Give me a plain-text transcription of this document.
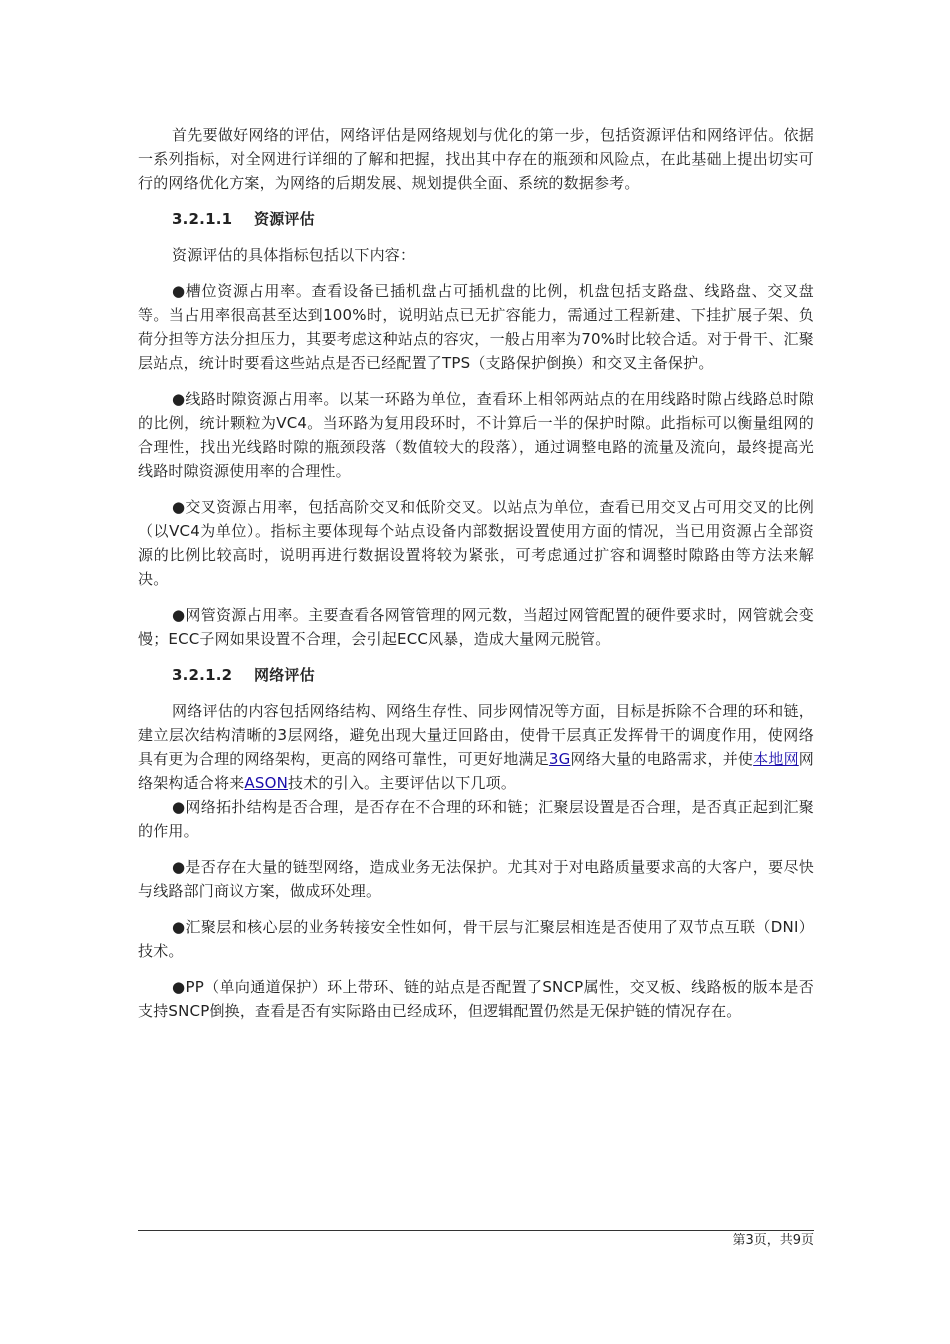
首先要做好网络的评估，网络评估是网络规划与优化的第一步，包括资源评估和网络评估。依据一系列指标，对全网进行详细的了解和把握，找出其中存在的瓶颈和风险点，在此基础上提出切实可行的网络优化方案，为网络的后期发展、规划提供全面、系统的数据参考。

3.2.1.1 资源评估

资源评估的具体指标包括以下内容：

●槽位资源占用率。查看设备已插机盘占可插机盘的比例，机盘包括支路盘、线路盘、交叉盘等。当占用率很高甚至达到100%时，说明站点已无扩容能力，需通过工程新建、下挂扩展子架、负荷分担等方法分担压力，其要考虑这种站点的容灾，一般占用率为70%时比较合适。对于骨干、汇聚层站点，统计时要看这些站点是否已经配置了TPS（支路保护倒换）和交叉主备保护。

●线路时隙资源占用率。以某一环路为单位，查看环上相邻两站点的在用线路时隙占线路总时隙的比例，统计颗粒为VC4。当环路为复用段环时，不计算后一半的保护时隙。此指标可以衡量组网的合理性，找出光线路时隙的瓶颈段落（数值较大的段落），通过调整电路的流量及流向，最终提高光线路时隙资源使用率的合理性。

●交叉资源占用率，包括高阶交叉和低阶交叉。以站点为单位，查看已用交叉占可用交叉的比例（以VC4为单位）。指标主要体现每个站点设备内部数据设置使用方面的情况，当已用资源占全部资源的比例比较高时，说明再进行数据设置将较为紧张，可考虑通过扩容和调整时隙路由等方法来解决。

●网管资源占用率。主要查看各网管管理的网元数，当超过网管配置的硬件要求时，网管就会变慢；ECC子网如果设置不合理，会引起ECC风暴，造成大量网元脱管。

3.2.1.2 网络评估

网络评估的内容包括网络结构、网络生存性、同步网情况等方面，目标是拆除不合理的环和链，建立层次结构清晰的3层网络，避免出现大量迂回路由，使骨干层真正发挥骨干的调度作用，使网络具有更为合理的网络架构，更高的网络可靠性，可更好地满足3G网络大量的电路需求，并使本地网网络架构适合将来ASON技术的引入。主要评估以下几项。

●网络拓扑结构是否合理，是否存在不合理的环和链；汇聚层设置是否合理，是否真正起到汇聚的作用。

●是否存在大量的链型网络，造成业务无法保护。尤其对于对电路质量要求高的大客户，要尽快与线路部门商议方案，做成环处理。

●汇聚层和核心层的业务转接安全性如何，骨干层与汇聚层相连是否使用了双节点互联（DNI）技术。

●PP（单向通道保护）环上带环、链的站点是否配置了SNCP属性，交叉板、线路板的版本是否支持SNCP倒换，查看是否有实际路由已经成环，但逻辑配置仍然是无保护链的情况存在。

第3页，共9页
